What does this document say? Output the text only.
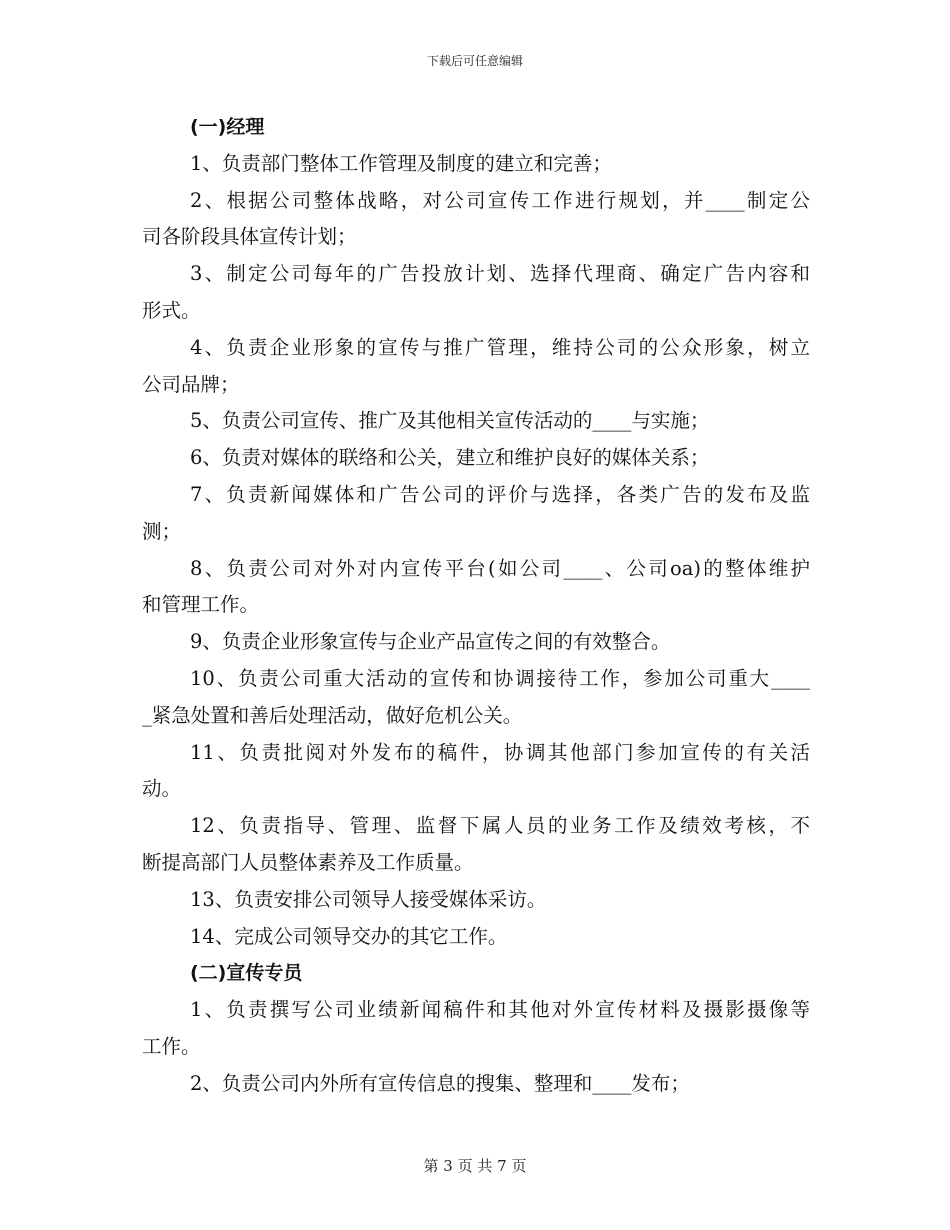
下载后可任意编辑
(一)经理
1、负责部门整体工作管理及制度的建立和完善；
2、根据公司整体战略，对公司宣传工作进行规划，并____制定公
司各阶段具体宣传计划；
3、制定公司每年的广告投放计划、选择代理商、确定广告内容和
形式。
4、负责企业形象的宣传与推广管理，维持公司的公众形象，树立
公司品牌；
5、负责公司宣传、推广及其他相关宣传活动的____与实施；
6、负责对媒体的联络和公关，建立和维护良好的媒体关系；
7、负责新闻媒体和广告公司的评价与选择，各类广告的发布及监
测；
8、负责公司对外对内宣传平台(如公司____、公司oa)的整体维护
和管理工作。
9、负责企业形象宣传与企业产品宣传之间的有效整合。
10、负责公司重大活动的宣传和协调接待工作，参加公司重大____
_紧急处置和善后处理活动，做好危机公关。
11、负责批阅对外发布的稿件，协调其他部门参加宣传的有关活
动。
12、负责指导、管理、监督下属人员的业务工作及绩效考核，不
断提高部门人员整体素养及工作质量。
13、负责安排公司领导人接受媒体采访。
14、完成公司领导交办的其它工作。
(二)宣传专员
1、负责撰写公司业绩新闻稿件和其他对外宣传材料及摄影摄像等
工作。
2、负责公司内外所有宣传信息的搜集、整理和____发布；
第 3 页 共 7 页
